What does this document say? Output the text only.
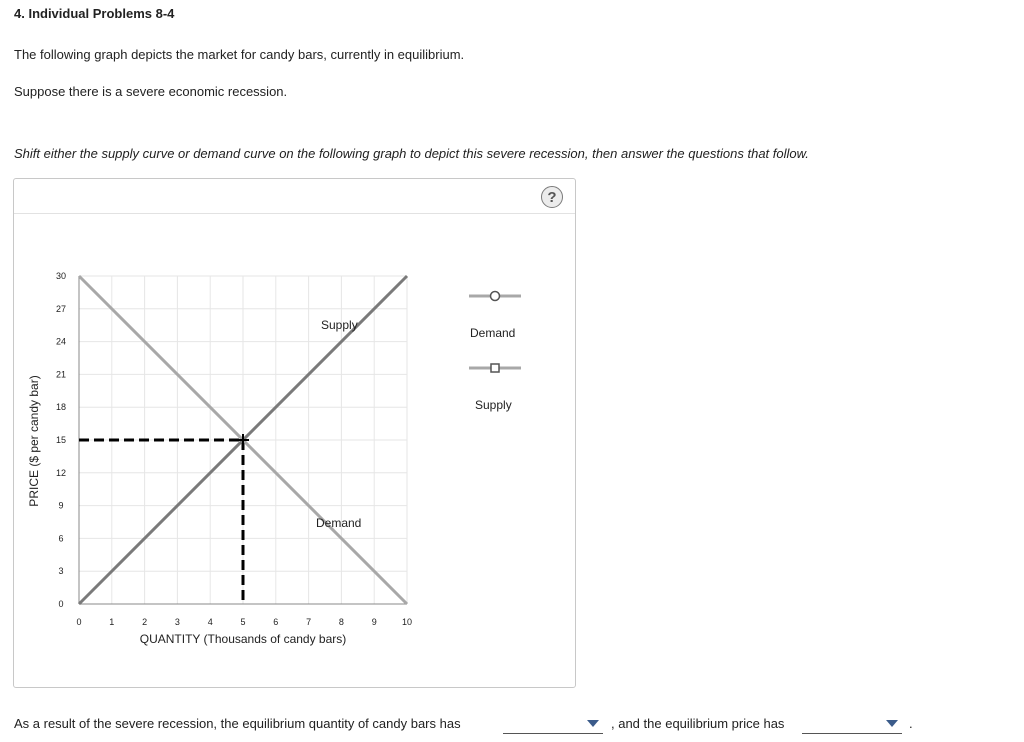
4. Individual Problems 8-4
The following graph depicts the market for candy bars, currently in equilibrium.
Suppose there is a severe economic recession.
Shift either the supply curve or demand curve on the following graph to depict this severe recession, then answer the questions that follow.
?
0	1	2	3	4	5	6	7	8	9	10
0
3
6
9
12
15
18
21
24
27
30
Supply
Demand
QUANTITY (Thousands of candy bars)
PRICE ($ per candy bar)
Demand
Supply
As a result of the severe recession, the equilibrium quantity of candy bars has	, and the equilibrium price has	.
